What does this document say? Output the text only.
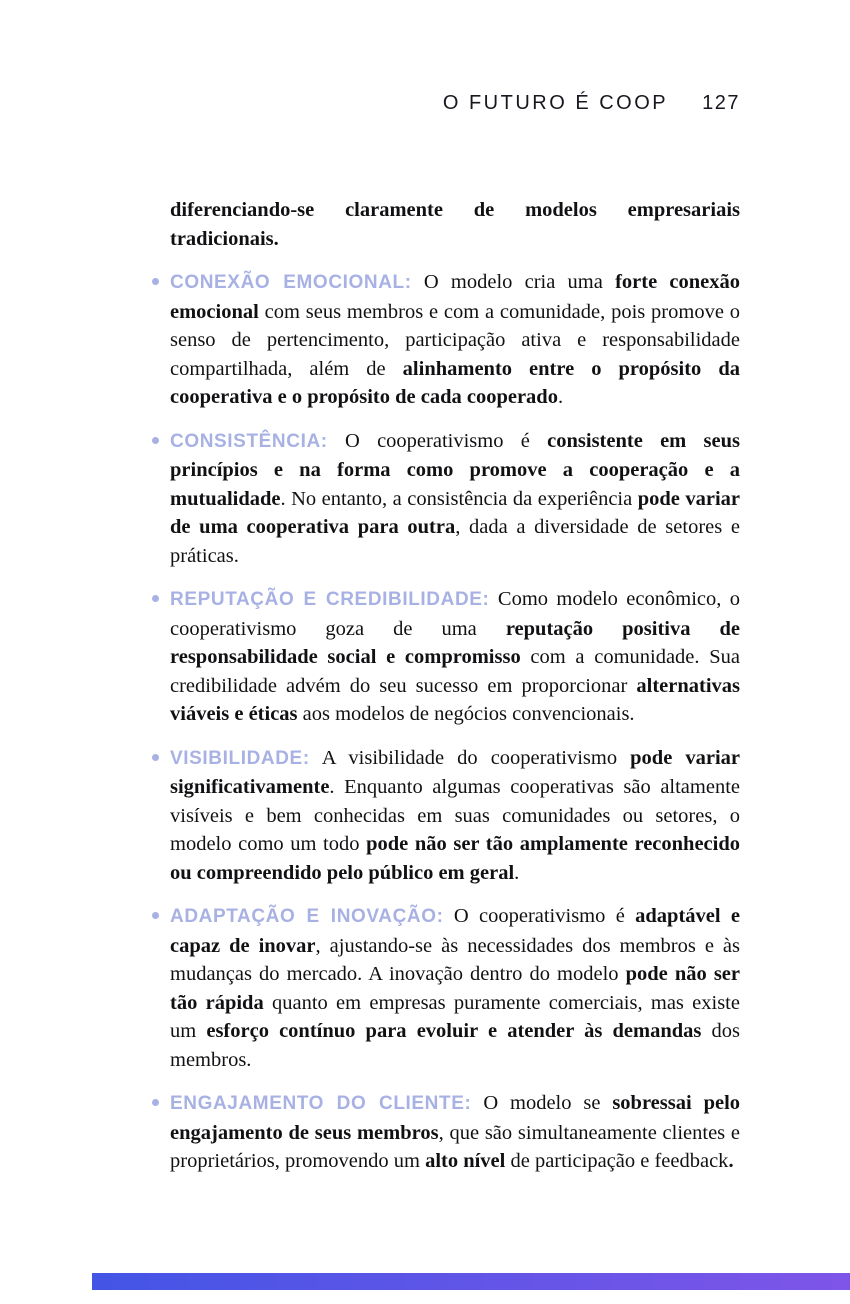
O FUTURO É COOP 127

diferenciando-se claramente de modelos empresariais tradicionais.

CONEXÃO EMOCIONAL: O modelo cria uma forte conexão emocional com seus membros e com a comunidade, pois promove o senso de pertencimento, participação ativa e responsabilidade compartilhada, além de alinhamento entre o propósito da cooperativa e o propósito de cada cooperado.
CONSISTÊNCIA: O cooperativismo é consistente em seus princípios e na forma como promove a cooperação e a mutualidade. No entanto, a consistência da experiência pode variar de uma cooperativa para outra, dada a diversidade de setores e práticas.
REPUTAÇÃO E CREDIBILIDADE: Como modelo econômico, o cooperativismo goza de uma reputação positiva de responsabilidade social e compromisso com a comunidade. Sua credibilidade advém do seu sucesso em proporcionar alternativas viáveis e éticas aos modelos de negócios convencionais.
VISIBILIDADE: A visibilidade do cooperativismo pode variar significativamente. Enquanto algumas cooperativas são altamente visíveis e bem conhecidas em suas comunidades ou setores, o modelo como um todo pode não ser tão amplamente reconhecido ou compreendido pelo público em geral.
ADAPTAÇÃO E INOVAÇÃO: O cooperativismo é adaptável e capaz de inovar, ajustando-se às necessidades dos membros e às mudanças do mercado. A inovação dentro do modelo pode não ser tão rápida quanto em empresas puramente comerciais, mas existe um esforço contínuo para evoluir e atender às demandas dos membros.
ENGAJAMENTO DO CLIENTE: O modelo se sobressai pelo engajamento de seus membros, que são simultaneamente clientes e proprietários, promovendo um alto nível de participação e feedback.
